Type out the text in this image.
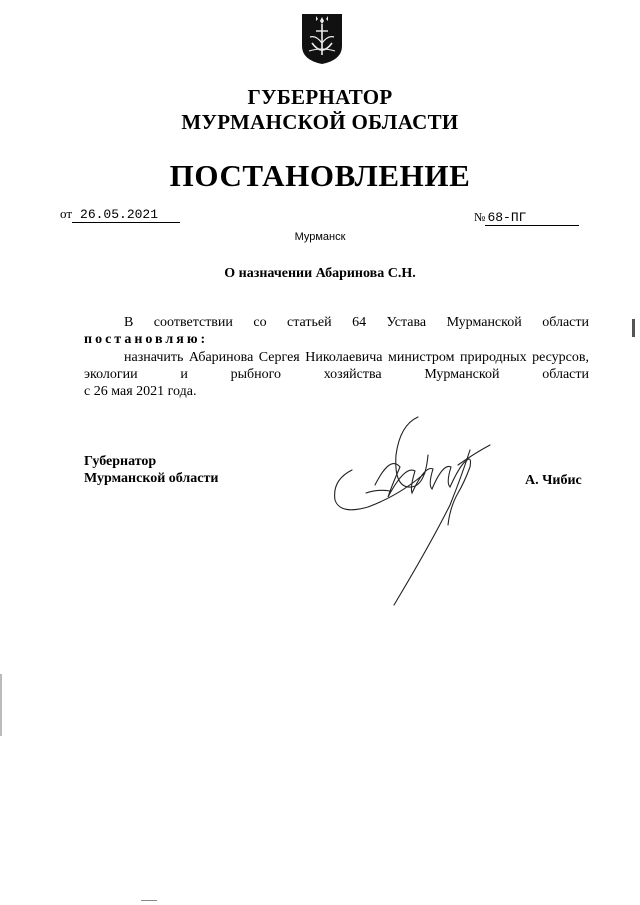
ГУБЕРНАТОР
МУРМАНСКОЙ ОБЛАСТИ
ПОСТАНОВЛЕНИЕ
от 26.05.2021	№ 68-ПГ
Мурманск
О назначении Абаринова С.Н.
В соответствии со статьей 64 Устава Мурманской области
постановляю:
назначить Абаринова Сергея Николаевича министром природных ресурсов, экологии и рыбного хозяйства Мурманской области
с 26 мая 2021 года.
Губернатор
Мурманской области	А. Чибис
